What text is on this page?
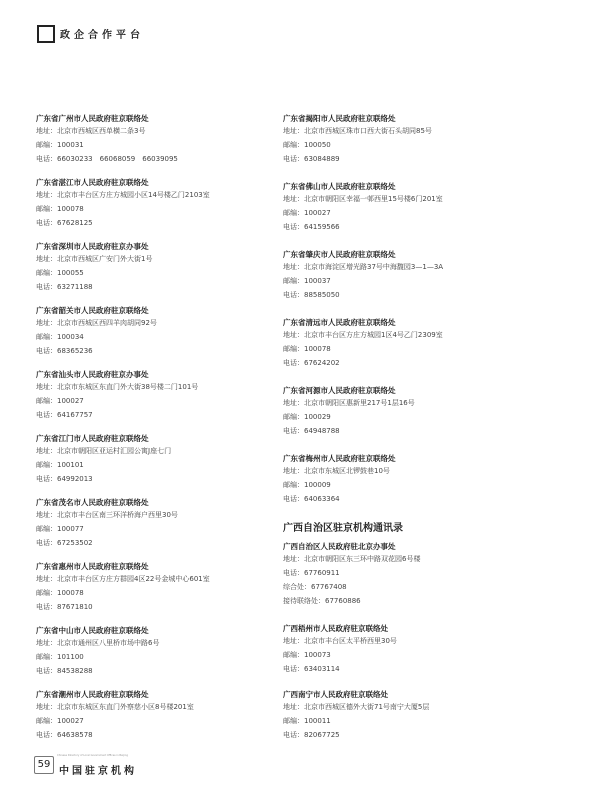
政企合作平台
广东省广州市人民政府驻京联络处
地址：北京市西城区西单横二条3号
邮编：100031
电话：66030233　66068059　66039095
广东省湛江市人民政府驻京联络处
地址：北京市丰台区方庄方城园小区14号楼乙门2103室
邮编：100078
电话：67628125
广东省深圳市人民政府驻京办事处
地址：北京市西城区广安门外大街1号
邮编：100055
电话：63271188
广东省韶关市人民政府驻京联络处
地址：北京市西城区西四羊肉胡同92号
邮编：100034
电话：68365236
广东省汕头市人民政府驻京办事处
地址：北京市东城区东直门外大街38号楼二门101号
邮编：100027
电话：64167757
广东省江门市人民政府驻京联络处
地址：北京市朝阳区亚运村汇园公寓J座七门
邮编：100101
电话：64992013
广东省茂名市人民政府驻京联络处
地址：北京市丰台区南三环洋桥海户西里30号
邮编：100077
电话：67253502
广东省惠州市人民政府驻京联络处
地址：北京市丰台区方庄方群园4区22号金城中心601室
邮编：100078
电话：87671810
广东省中山市人民政府驻京联络处
地址：北京市通州区八里桥市场中路6号
邮编：101100
电话：84538288
广东省潮州市人民政府驻京联络处
地址：北京市东城区东直门外察慈小区8号楼201室
邮编：100027
电话：64638578
广东省揭阳市人民政府驻京联络处
地址：北京市西城区珠市口西大街石头胡同85号
邮编：100050
电话：63084889
广东省佛山市人民政府驻京联络处
地址：北京市朝阳区幸福一邨西里15号楼6门201室
邮编：100027
电话：64159566
广东省肇庆市人民政府驻京联络处
地址：北京市海淀区增光路37号中海馥园3—1—3A
邮编：100037
电话：88585050
广东省清远市人民政府驻京联络处
地址：北京市丰台区方庄方城园1区4号乙门2309室
邮编：100078
电话：67624202
广东省河源市人民政府驻京联络处
地址：北京市朝阳区惠新里217号1层16号
邮编：100029
电话：64948788
广东省梅州市人民政府驻京联络处
地址：北京市东城区北锣鼓巷10号
邮编：100009
电话：64063364
广西自治区驻京机构通讯录
广西自治区人民政府驻北京办事处
地址：北京市朝阳区东三环中路双花园6号楼
电话：67760911
综合处：67767408
接待联络处：67760886
广西梧州市人民政府驻京联络处
地址：北京市丰台区太平桥西里30号
邮编：100073
电话：63403114
广西南宁市人民政府驻京联络处
地址：北京市西城区德外大街71号南宁大厦5层
邮编：100011
电话：82067725
59
Chinese Directory of Local Government Offices in Beijing
中国驻京机构
